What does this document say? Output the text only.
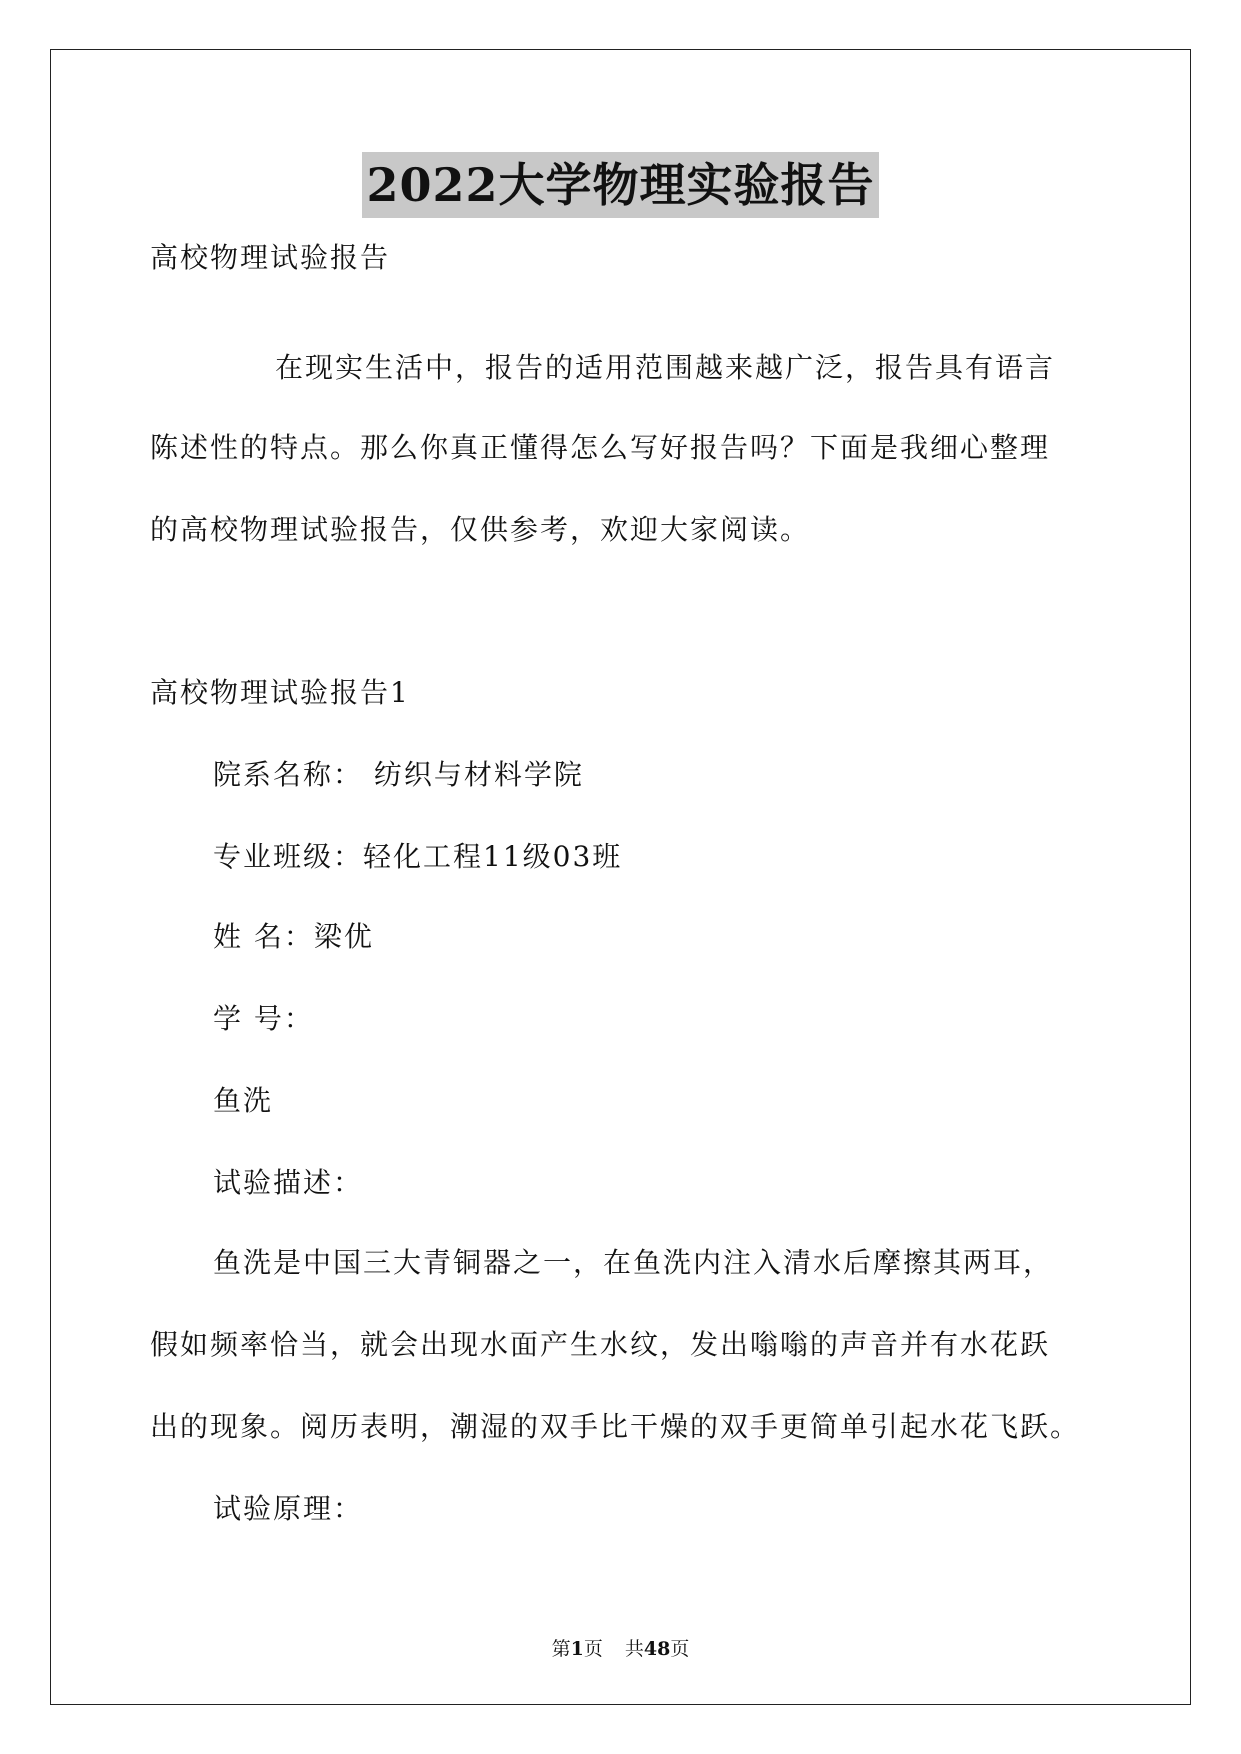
2022大学物理实验报告

高校物理试验报告

在现实生活中，报告的适用范围越来越广泛，报告具有语言

陈述性的特点。那么你真正懂得怎么写好报告吗？下面是我细心整理

的高校物理试验报告，仅供参考，欢迎大家阅读。

高校物理试验报告1

院系名称： 纺织与材料学院

专业班级：轻化工程11级03班

姓 名：梁优

学 号：

鱼洗

试验描述：

鱼洗是中国三大青铜器之一，在鱼洗内注入清水后摩擦其两耳，

假如频率恰当，就会出现水面产生水纹，发出嗡嗡的声音并有水花跃

出的现象。阅历表明，潮湿的双手比干燥的双手更简单引起水花飞跃。

试验原理：

第1页 共48页
